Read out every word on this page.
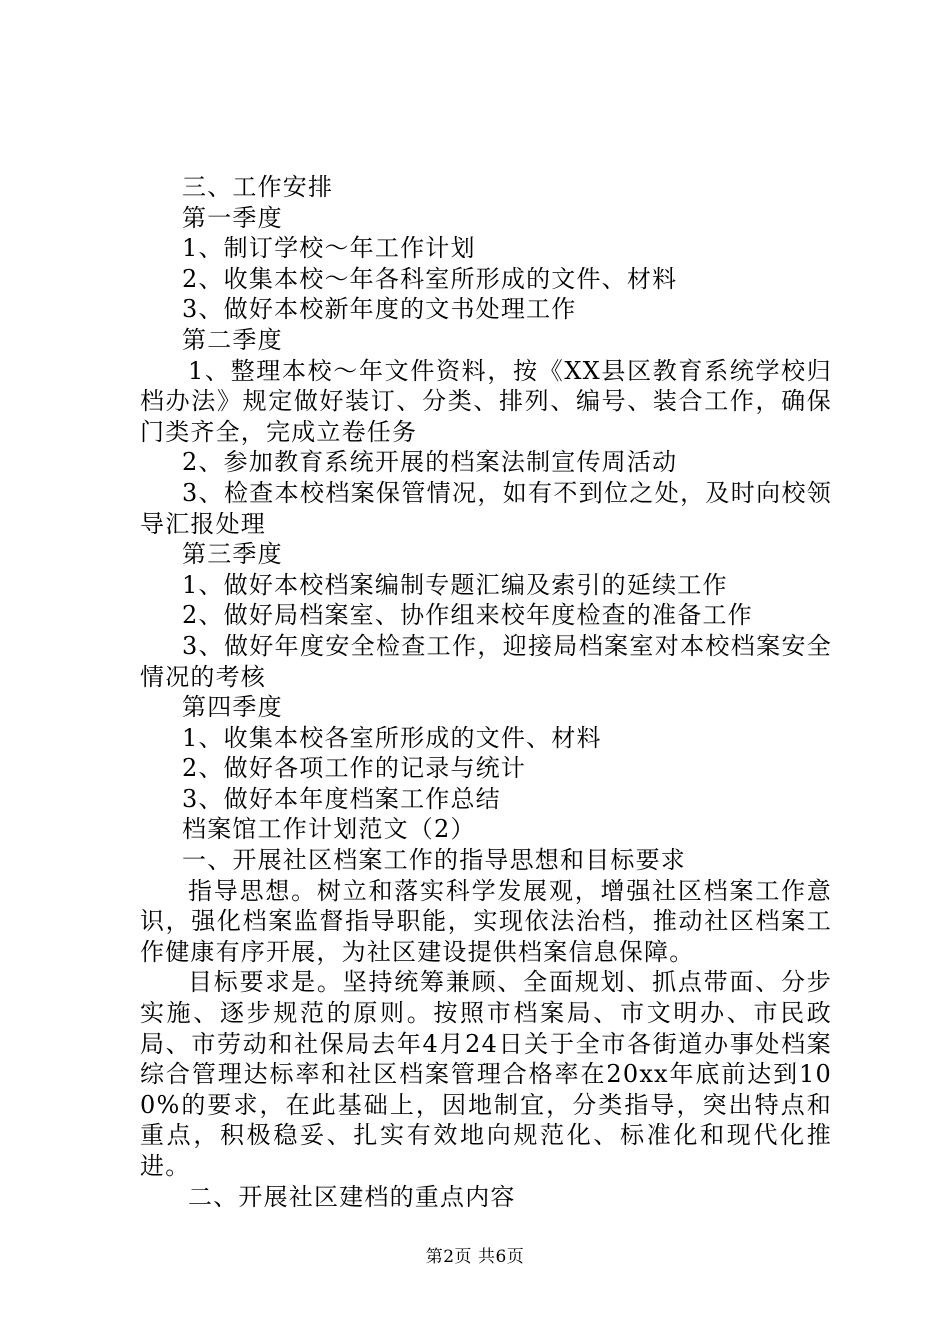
三、工作安排

第一季度

1、制订学校～年工作计划

2、收集本校～年各科室所形成的文件、材料

3、做好本校新年度的文书处理工作

第二季度

1、整理本校～年文件资料，按《XX县区教育系统学校归档办法》规定做好装订、分类、排列、编号、装合工作，确保门类齐全，完成立卷任务

2、参加教育系统开展的档案法制宣传周活动

3、检查本校档案保管情况，如有不到位之处，及时向校领导汇报处理

第三季度

1、做好本校档案编制专题汇编及索引的延续工作

2、做好局档案室、协作组来校年度检查的准备工作

3、做好年度安全检查工作，迎接局档案室对本校档案安全情况的考核

第四季度

1、收集本校各室所形成的文件、材料

2、做好各项工作的记录与统计

3、做好本年度档案工作总结

档案馆工作计划范文（2）

一、开展社区档案工作的指导思想和目标要求

指导思想。树立和落实科学发展观，增强社区档案工作意识，强化档案监督指导职能，实现依法治档，推动社区档案工作健康有序开展，为社区建设提供档案信息保障。

目标要求是。坚持统筹兼顾、全面规划、抓点带面、分步实施、逐步规范的原则。按照市档案局、市文明办、市民政局、市劳动和社保局去年4月24日关于全市各街道办事处档案综合管理达标率和社区档案管理合格率在20xx年底前达到100%的要求，在此基础上，因地制宜，分类指导，突出特点和重点，积极稳妥、扎实有效地向规范化、标准化和现代化推进。

二、开展社区建档的重点内容

第2页 共6页
